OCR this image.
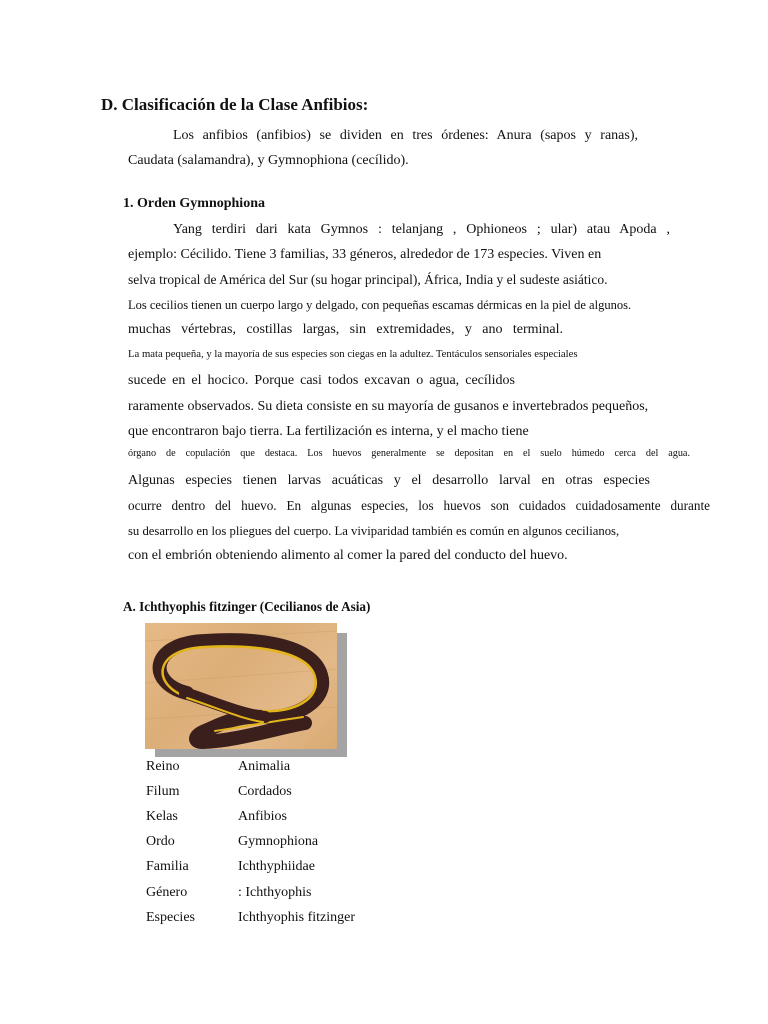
D. Clasificación de la Clase Anfibios:
Los anfibios (anfibios) se dividen en tres órdenes: Anura (sapos y ranas),
Caudata (salamandra), y Gymnophiona (cecílido).
1. Orden Gymnophiona
Yang terdiri dari kata Gymnos : telanjang , Ophioneos ; ular) atau Apoda ,
ejemplo: Cécilido. Tiene 3 familias, 33 géneros, alrededor de 173 especies. Viven en
selva tropical de América del Sur (su hogar principal), África, India y el sudeste asiático.
Los cecilios tienen un cuerpo largo y delgado, con pequeñas escamas dérmicas en la piel de algunos.
muchas vértebras, costillas largas, sin extremidades, y ano terminal.
La mata pequeña, y la mayoría de sus especies son ciegas en la adultez. Tentáculos sensoriales especiales
sucede en el hocico. Porque casi todos excavan o agua, cecílidos
raramente observados. Su dieta consiste en su mayoría de gusanos e invertebrados pequeños,
que encontraron bajo tierra. La fertilización es interna, y el macho tiene
órgano de copulación que destaca. Los huevos generalmente se depositan en el suelo húmedo cerca del agua.
Algunas especies tienen larvas acuáticas y el desarrollo larval en otras especies
ocurre dentro del huevo. En algunas especies, los huevos son cuidados cuidadosamente durante
su desarrollo en los pliegues del cuerpo. La viviparidad también es común en algunos cecilianos,
con el embrión obteniendo alimento al comer la pared del conducto del huevo.
A. Ichthyophis fitzinger (Cecilianos de Asia)
Reino	Animalia
Filum	Cordados
Kelas	Anfibios
Ordo	Gymnophiona
Familia	Ichthyphiidae
Género	: Ichthyophis
Especies	Ichthyophis fitzinger
